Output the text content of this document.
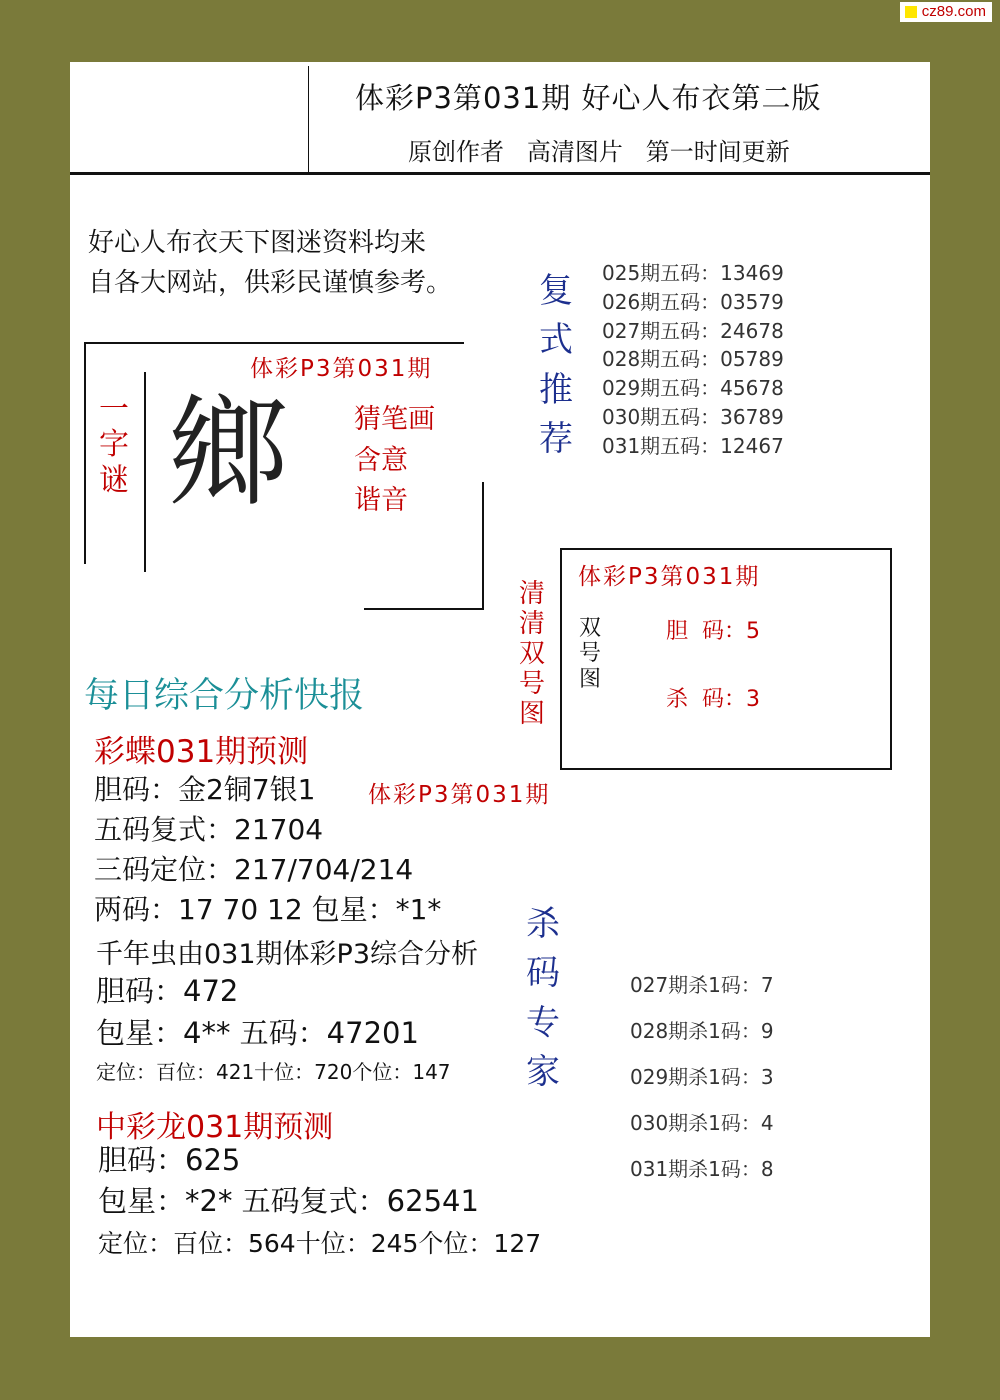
cz89.com
体彩P3第031期 好心人布衣第二版
原创作者   高清图片   第一时间更新
好心人布衣天下图迷资料均来
自各大网站，供彩民谨慎参考。
体彩P3第031期
一
字
谜 鄉 猜笔画
含意
谐音
复
式
推
荐
025期五码：13469
026期五码：03579
027期五码：24678
028期五码：05789
029期五码：45678
030期五码：36789
031期五码：12467
清
清
双
号
图
体彩P3第031期
双
号
图
胆  码：5
杀  码：3
每日综合分析快报
体彩P3第031期
彩蝶031期预测
胆码：金2铜7银1
五码复式：21704
三码定位：217/704/214
两码：17 70 12 包星：*1*
千年虫由031期体彩P3综合分析
胆码：472
包星：4** 五码：47201
定位：百位：421十位：720个位：147
中彩龙031期预测
胆码：625
包星：*2* 五码复式：62541
定位：百位：564十位：245个位：127
杀
码
专
家
027期杀1码：7
028期杀1码：9
029期杀1码：3
030期杀1码：4
031期杀1码：8
